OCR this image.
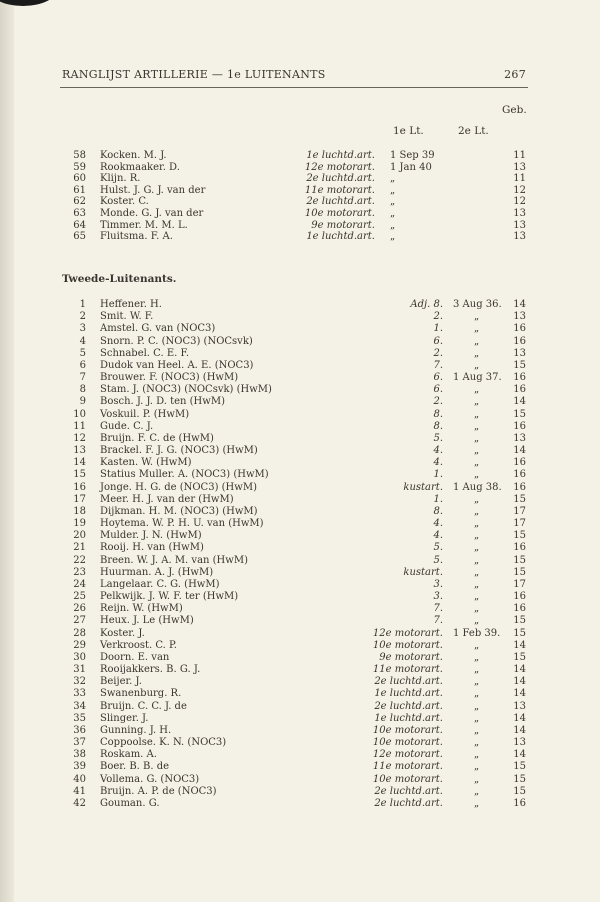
RANGLIJST ARTILLERIE — 1e LUITENANTS	267
Geb.
1e Lt.	2e Lt.
58 Kocken. M. J.	1e luchtd.art. 1 Sep 39	11
59 Rookmaaker. D.	12e motorart. 1 Jan 40	13
60 Klijn. R.	2e luchtd.art. „	11
61 Hulst. J. G. J. van der	11e motorart. „	12
62 Koster. C.	2e luchtd.art. „	12
63 Monde. G. J. van der	10e motorart. „	13
64 Timmer. M. M. L.	9e motorart. „	13
65 Fluitsma. F. A.	1e luchtd.art. „	13
Tweede-Luitenants.
1 Heffener. H.	Adj. 8. 3 Aug 36.	14
2 Smit. W. F.	2.	„	13
3 Amstel. G. van (NOC3)	1.	„	16
4 Snorn. P. C. (NOC3) (NOCsvk)	6.	„	16
5 Schnabel. C. E. F.	2.	„	13
6 Dudok van Heel. A. E. (NOC3)	7.	„	15
7 Brouwer. F. (NOC3) (HwM)	6. 1 Aug 37.	16
8 Stam. J. (NOC3) (NOCsvk) (HwM)	6.	„	16
9 Bosch. J. J. D. ten (HwM)	2.	„	14
10 Voskuil. P. (HwM)	8.	„	15
11 Gude. C. J.	8.	„	16
12 Bruijn. F. C. de (HwM)	5.	„	13
13 Brackel. F. J. G. (NOC3) (HwM)	4.	„	14
14 Kasten. W. (HwM)	4.	„	16
15 Statius Muller. A. (NOC3) (HwM)	1.	„	16
16 Jonge. H. G. de (NOC3) (HwM)	kustart. 1 Aug 38.	16
17 Meer. H. J. van der (HwM)	1.	„	15
18 Dijkman. H. M. (NOC3) (HwM)	8.	„	17
19 Hoytema. W. P. H. U. van (HwM)	4.	„	17
20 Mulder. J. N. (HwM)	4.	„	15
21 Rooij. H. van (HwM)	5.	„	16
22 Breen. W. J. A. M. van (HwM)	5.	„	15
23 Huurman. A. J. (HwM)	kustart.	„	15
24 Langelaar. C. G. (HwM)	3.	„	17
25 Pelkwijk. J. W. F. ter (HwM)	3.	„	16
26 Reijn. W. (HwM)	7.	„	16
27 Heux. J. Le (HwM)	7.	„	15
28 Koster. J.	12e motorart. 1 Feb 39.	15
29 Verkroost. C. P.	10e motorart.	„	14
30 Doorn. E. van	9e motorart.	„	15
31 Rooijakkers. B. G. J.	11e motorart.	„	14
32 Beijer. J.	2e luchtd.art.	„	14
33 Swanenburg. R.	1e luchtd.art.	„	14
34 Bruijn. C. C. J. de	2e luchtd.art.	„	13
35 Slinger. J.	1e luchtd.art.	„	14
36 Gunning. J. H.	10e motorart.	„	14
37 Coppoolse. K. N. (NOC3)	10e motorart.	„	13
38 Roskam. A.	12e motorart.	„	14
39 Boer. B. B. de	11e motorart.	„	15
40 Vollema. G. (NOC3)	10e motorart.	„	15
41 Bruijn. A. P. de (NOC3)	2e luchtd.art.	„	15
42 Gouman. G.	2e luchtd.art.	„	16
